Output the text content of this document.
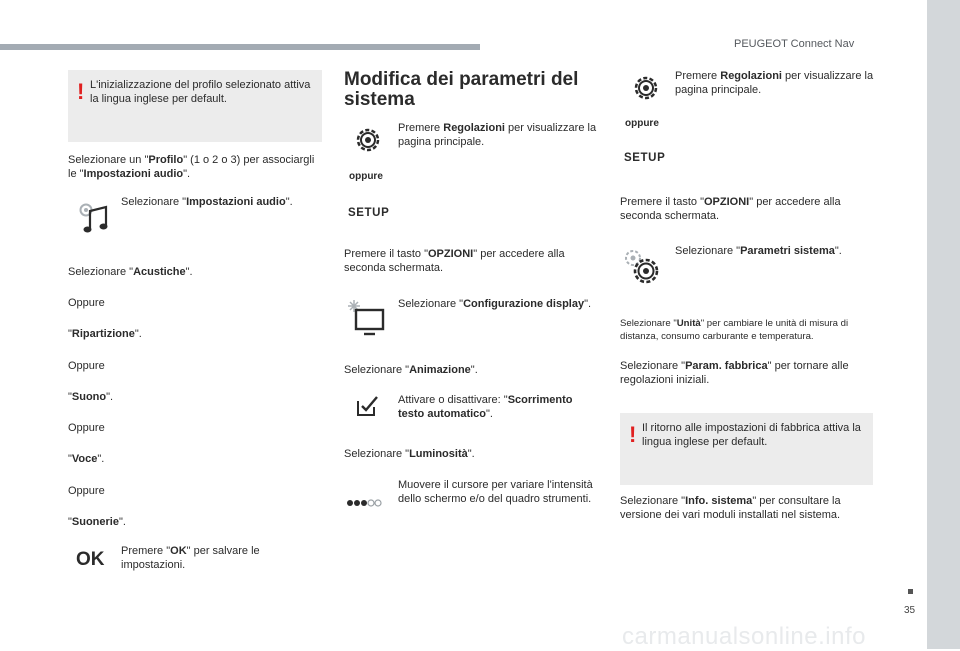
PEUGEOT Connect Nav
35
carmanualsonline.info
! L'inizializzazione del profilo selezionato attiva la lingua inglese per default.
Selezionare un "Profilo" (1 o 2 o 3) per associargli le "Impostazioni audio".
Selezionare "Impostazioni audio".
Selezionare "Acustiche".
Oppure
"Ripartizione".
Oppure
"Suono".
Oppure
"Voce".
Oppure
"Suonerie".
OK Premere "OK" per salvare le impostazioni.
Modifica dei parametri del sistema
Premere Regolazioni per visualizzare la pagina principale.
oppure
SETUP
Premere il tasto "OPZIONI" per accedere alla seconda schermata.
Selezionare "Configurazione display".
Selezionare "Animazione".
Attivare o disattivare: "Scorrimento testo automatico".
Selezionare "Luminosità".
Muovere il cursore per variare l'intensità dello schermo e/o del quadro strumenti.
Premere Regolazioni per visualizzare la pagina principale.
oppure
SETUP
Premere il tasto "OPZIONI" per accedere alla seconda schermata.
Selezionare "Parametri sistema".
Selezionare "Unità" per cambiare le unità di misura di distanza, consumo carburante e temperatura.
Selezionare "Param. fabbrica" per tornare alle regolazioni iniziali.
! Il ritorno alle impostazioni di fabbrica attiva la lingua inglese per default.
Selezionare "Info. sistema" per consultare la versione dei vari moduli installati nel sistema.
